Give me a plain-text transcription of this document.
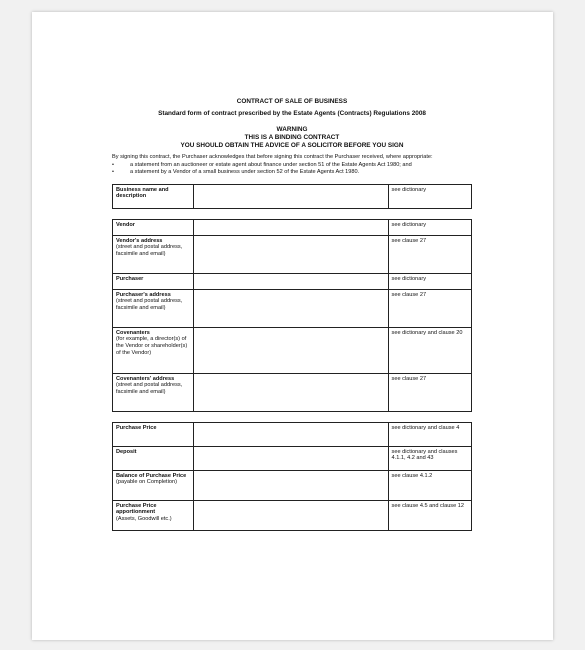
CONTRACT OF SALE OF BUSINESS
Standard form of contract prescribed by the Estate Agents (Contracts) Regulations 2008
WARNING
THIS IS A BINDING CONTRACT
YOU SHOULD OBTAIN THE ADVICE OF A SOLICITOR BEFORE YOU SIGN
By signing this contract, the Purchaser acknowledges that before signing this contract the Purchaser received, where appropriate:
•	a statement from an auctioneer or estate agent about finance under section 51 of the Estate Agents Act 1980; and
•	a statement by a Vendor of a small business under section 52 of the Estate Agents Act 1980.
Business name and description
		see dictionary
Vendor		see dictionary

Vendor's address
(street and postal address, facsimile and email)		see clause 27

Purchaser		see dictionary

Purchaser's address
(street and postal address, facsimile and email)		see clause 27

Covenanters
(for example, a director(s) of the Vendor or shareholder(s) of the Vendor)		see dictionary and clause 20

Covenanters' address
(street and postal address, facsimile and email)		see clause 27
Purchase Price		see dictionary and clause 4

Deposit		see dictionary and clauses 4.1.1, 4.2 and 43

Balance of Purchase Price
(payable on Completion)		see clause 4.1.2

Purchase Price apportionment
(Assets, Goodwill etc.)		see clause 4.5 and clause 12
